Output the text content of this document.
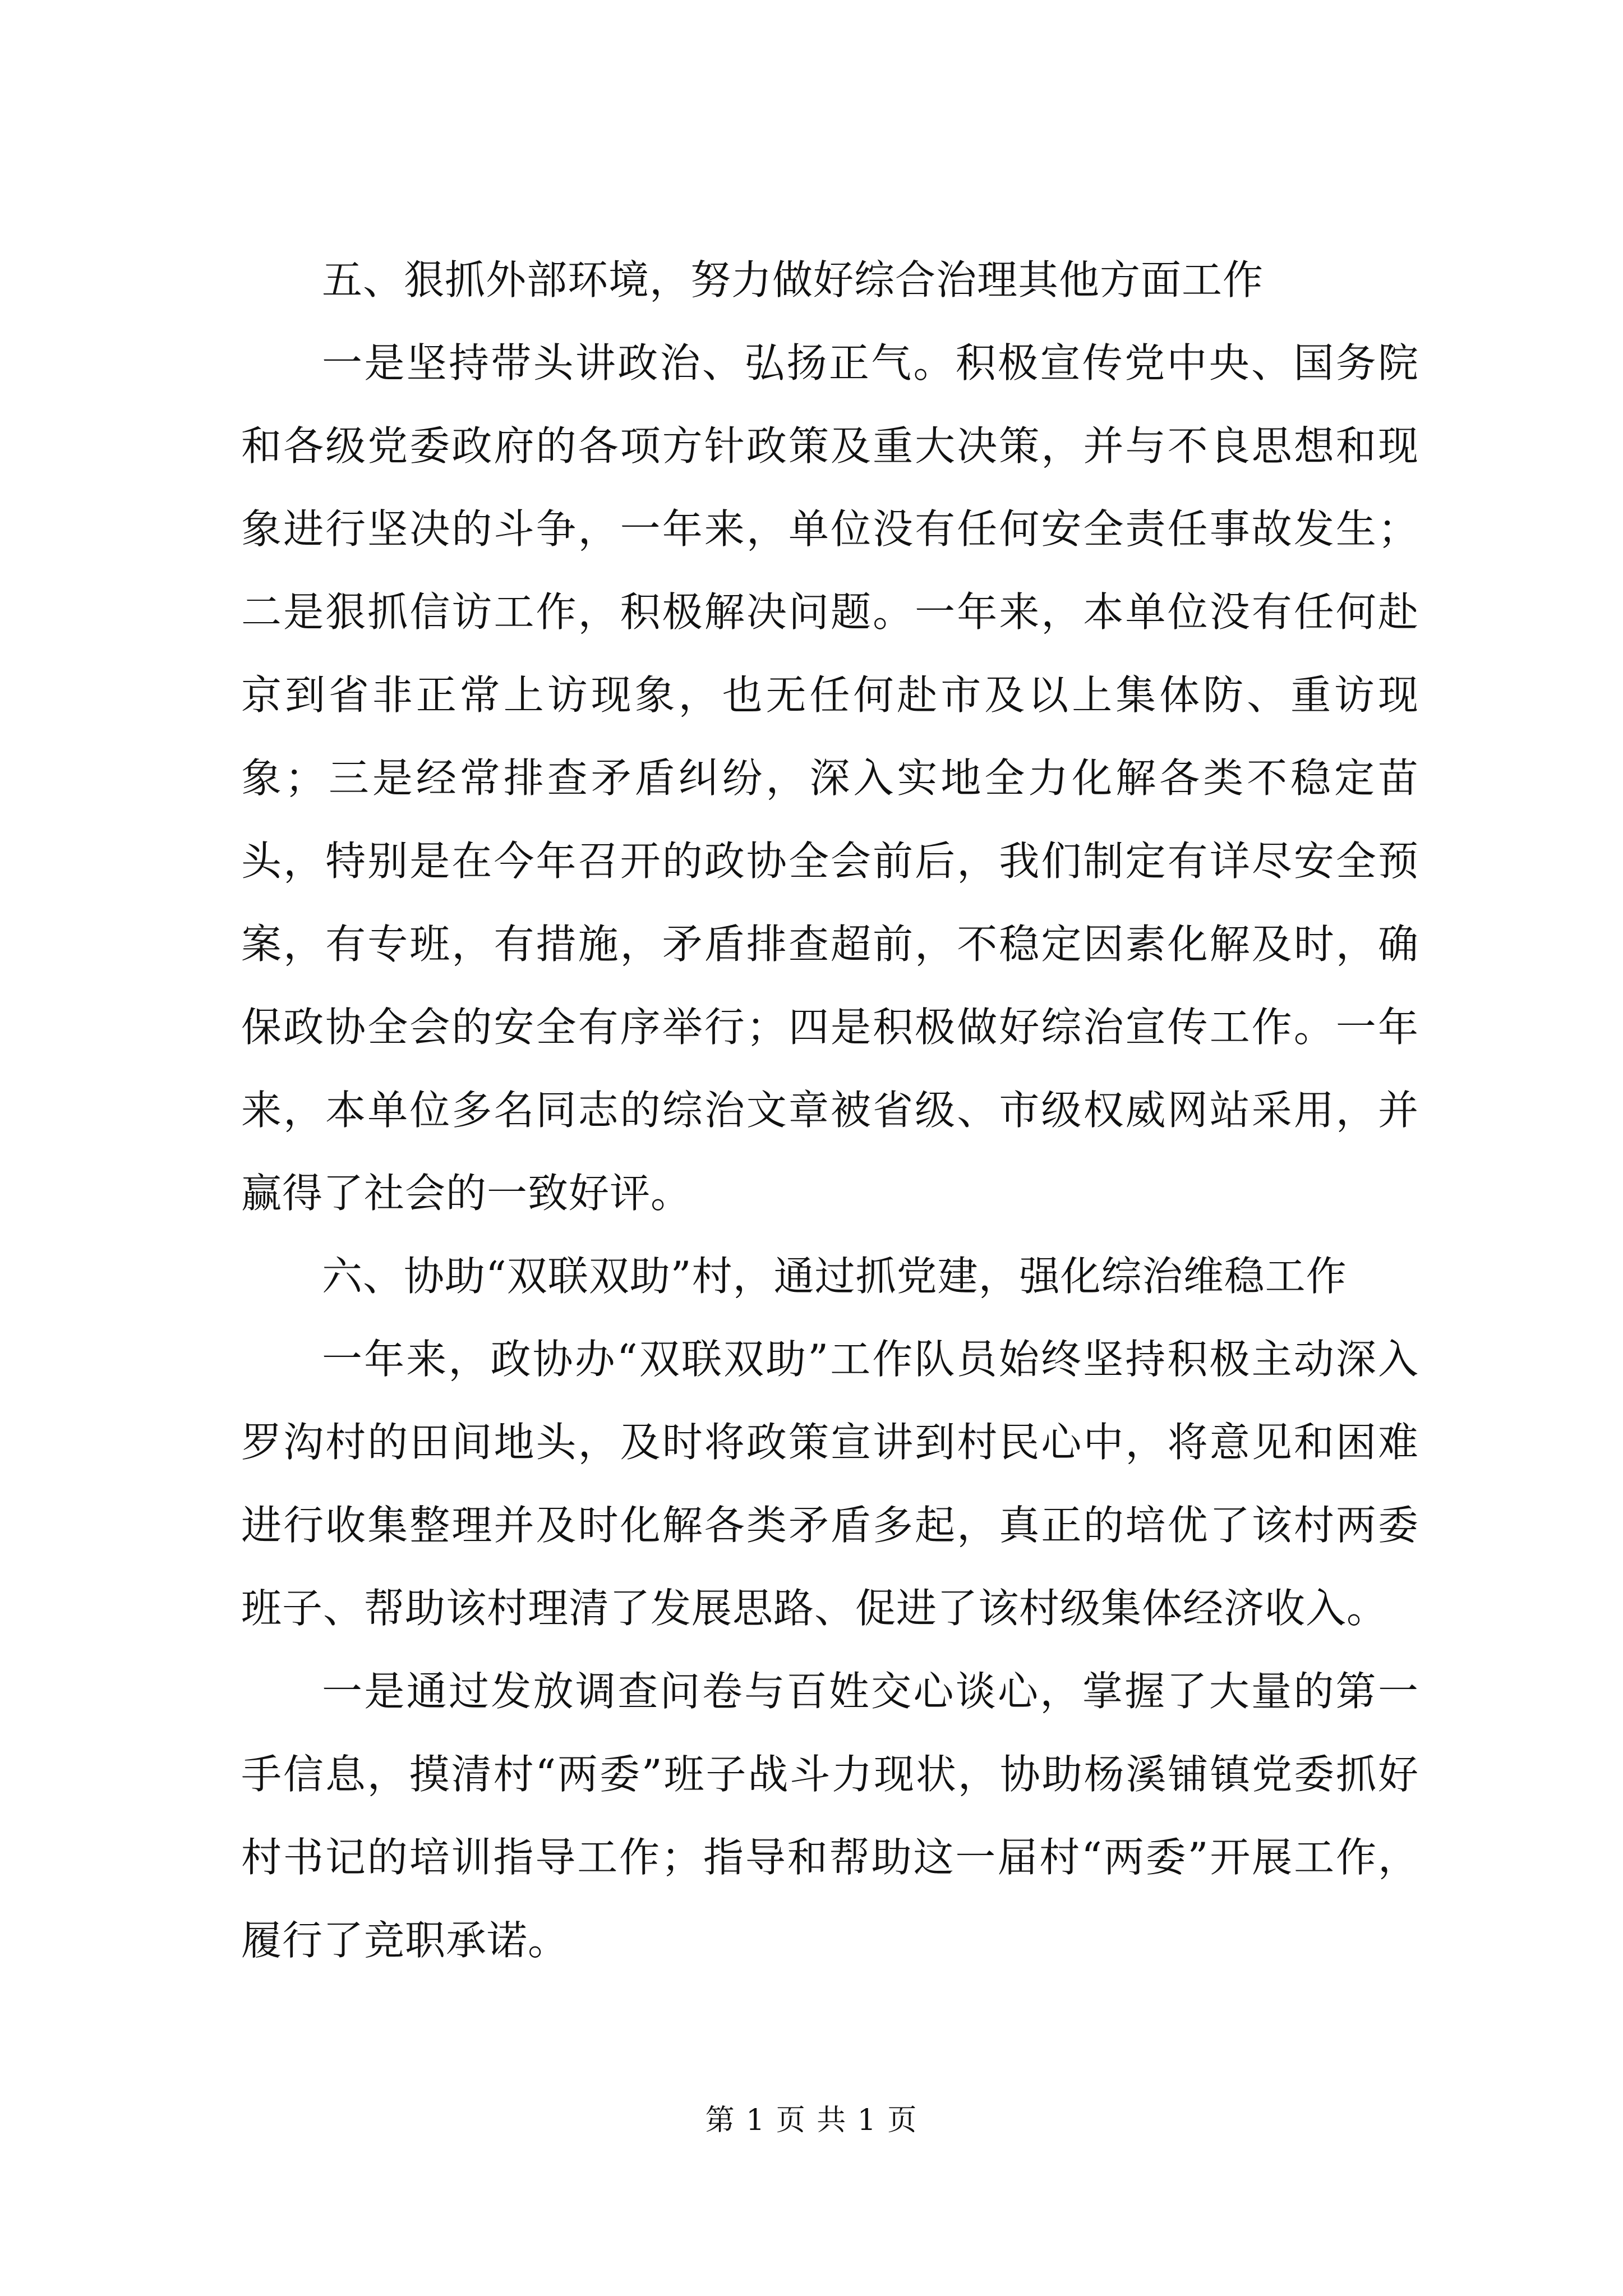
五、狠抓外部环境，努力做好综合治理其他方面工作

一是坚持带头讲政治、弘扬正气。积极宣传党中央、国务院和各级党委政府的各项方针政策及重大决策，并与不良思想和现象进行坚决的斗争，一年来，单位没有任何安全责任事故发生；二是狠抓信访工作，积极解决问题。一年来，本单位没有任何赴京到省非正常上访现象，也无任何赴市及以上集体防、重访现象；三是经常排查矛盾纠纷，深入实地全力化解各类不稳定苗头，特别是在今年召开的政协全会前后，我们制定有详尽安全预案，有专班，有措施，矛盾排查超前，不稳定因素化解及时，确保政协全会的安全有序举行；四是积极做好综治宣传工作。一年来，本单位多名同志的综治文章被省级、市级权威网站采用，并赢得了社会的一致好评。

六、协助“双联双助”村，通过抓党建，强化综治维稳工作

一年来，政协办“双联双助”工作队员始终坚持积极主动深入罗沟村的田间地头，及时将政策宣讲到村民心中，将意见和困难进行收集整理并及时化解各类矛盾多起，真正的培优了该村两委班子、帮助该村理清了发展思路、促进了该村级集体经济收入。

一是通过发放调查问卷与百姓交心谈心，掌握了大量的第一手信息，摸清村“两委”班子战斗力现状，协助杨溪铺镇党委抓好村书记的培训指导工作；指导和帮助这一届村“两委”开展工作，履行了竞职承诺。

第 1 页 共 1 页
